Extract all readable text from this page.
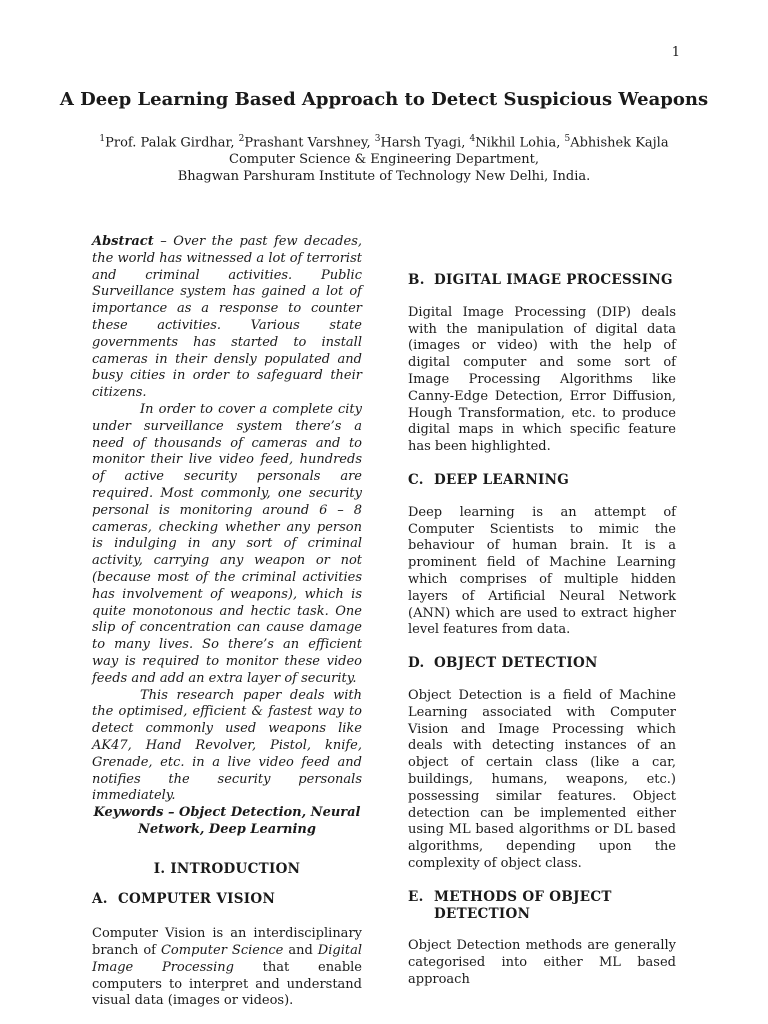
1
A Deep Learning Based Approach to Detect Suspicious Weapons
$^1$Prof. Palak Girdhar, $^2$Prashant Varshney, $^3$Harsh Tyagi, $^4$Nikhil Lohia, $^5$Abhishek Kajla
Computer Science & Engineering Department,
Bhagwan Parshuram Institute of Technology New Delhi, India.

Abstract – Over the past few decades, the world has witnessed a lot of terrorist and criminal activities. Public Surveillance system has gained a lot of importance as a response to counter these activities. Various state governments has started to install cameras in their densly populated and busy cities in order to safeguard their citizens.

In order to cover a complete city under surveillance system there’s a need of thousands of cameras and to monitor their live video feed, hundreds of active security personals are required. Most commonly, one security personal is monitoring around 6 – 8 cameras, checking whether any person is indulging in any sort of criminal activity, carrying any weapon or not (because most of the criminal activities has involvement of weapons), which is quite monotonous and hectic task. One slip of concentration can cause damage to many lives. So there’s an efficient way is required to monitor these video feeds and add an extra layer of security.

This research paper deals with the optimised, efficient & fastest way to detect commonly used weapons like AK47, Hand Revolver, Pistol, knife, Grenade, etc. in a live video feed and notifies the security personals immediately.

Keywords – Object Detection, Neural Network, Deep Learning

I. INTRODUCTION
A. COMPUTER VISION

Computer Vision is an interdisciplinary branch of Computer Science and Digital Image Processing that enable computers to interpret and understand visual data (images or videos).

B. DIGITAL IMAGE PROCESSING

Digital Image Processing (DIP) deals with the manipulation of digital data (images or video) with the help of digital computer and some sort of Image Processing Algorithms like Canny-Edge Detection, Error Diffusion, Hough Transformation, etc. to produce digital maps in which specific feature has been highlighted.

C. DEEP LEARNING

Deep learning is an attempt of Computer Scientists to mimic the behaviour of human brain. It is a prominent field of Machine Learning which comprises of multiple hidden layers of Artificial Neural Network (ANN) which are used to extract higher level features from data.

D. OBJECT DETECTION

Object Detection is a field of Machine Learning associated with Computer Vision and Image Processing which deals with detecting instances of an object of certain class (like a car, buildings, humans, weapons, etc.) possessing similar features. Object detection can be implemented either using ML based algorithms or DL based algorithms, depending upon the complexity of object class.

E. METHODS OF OBJECT DETECTION

Object Detection methods are generally categorised into either ML based approach
